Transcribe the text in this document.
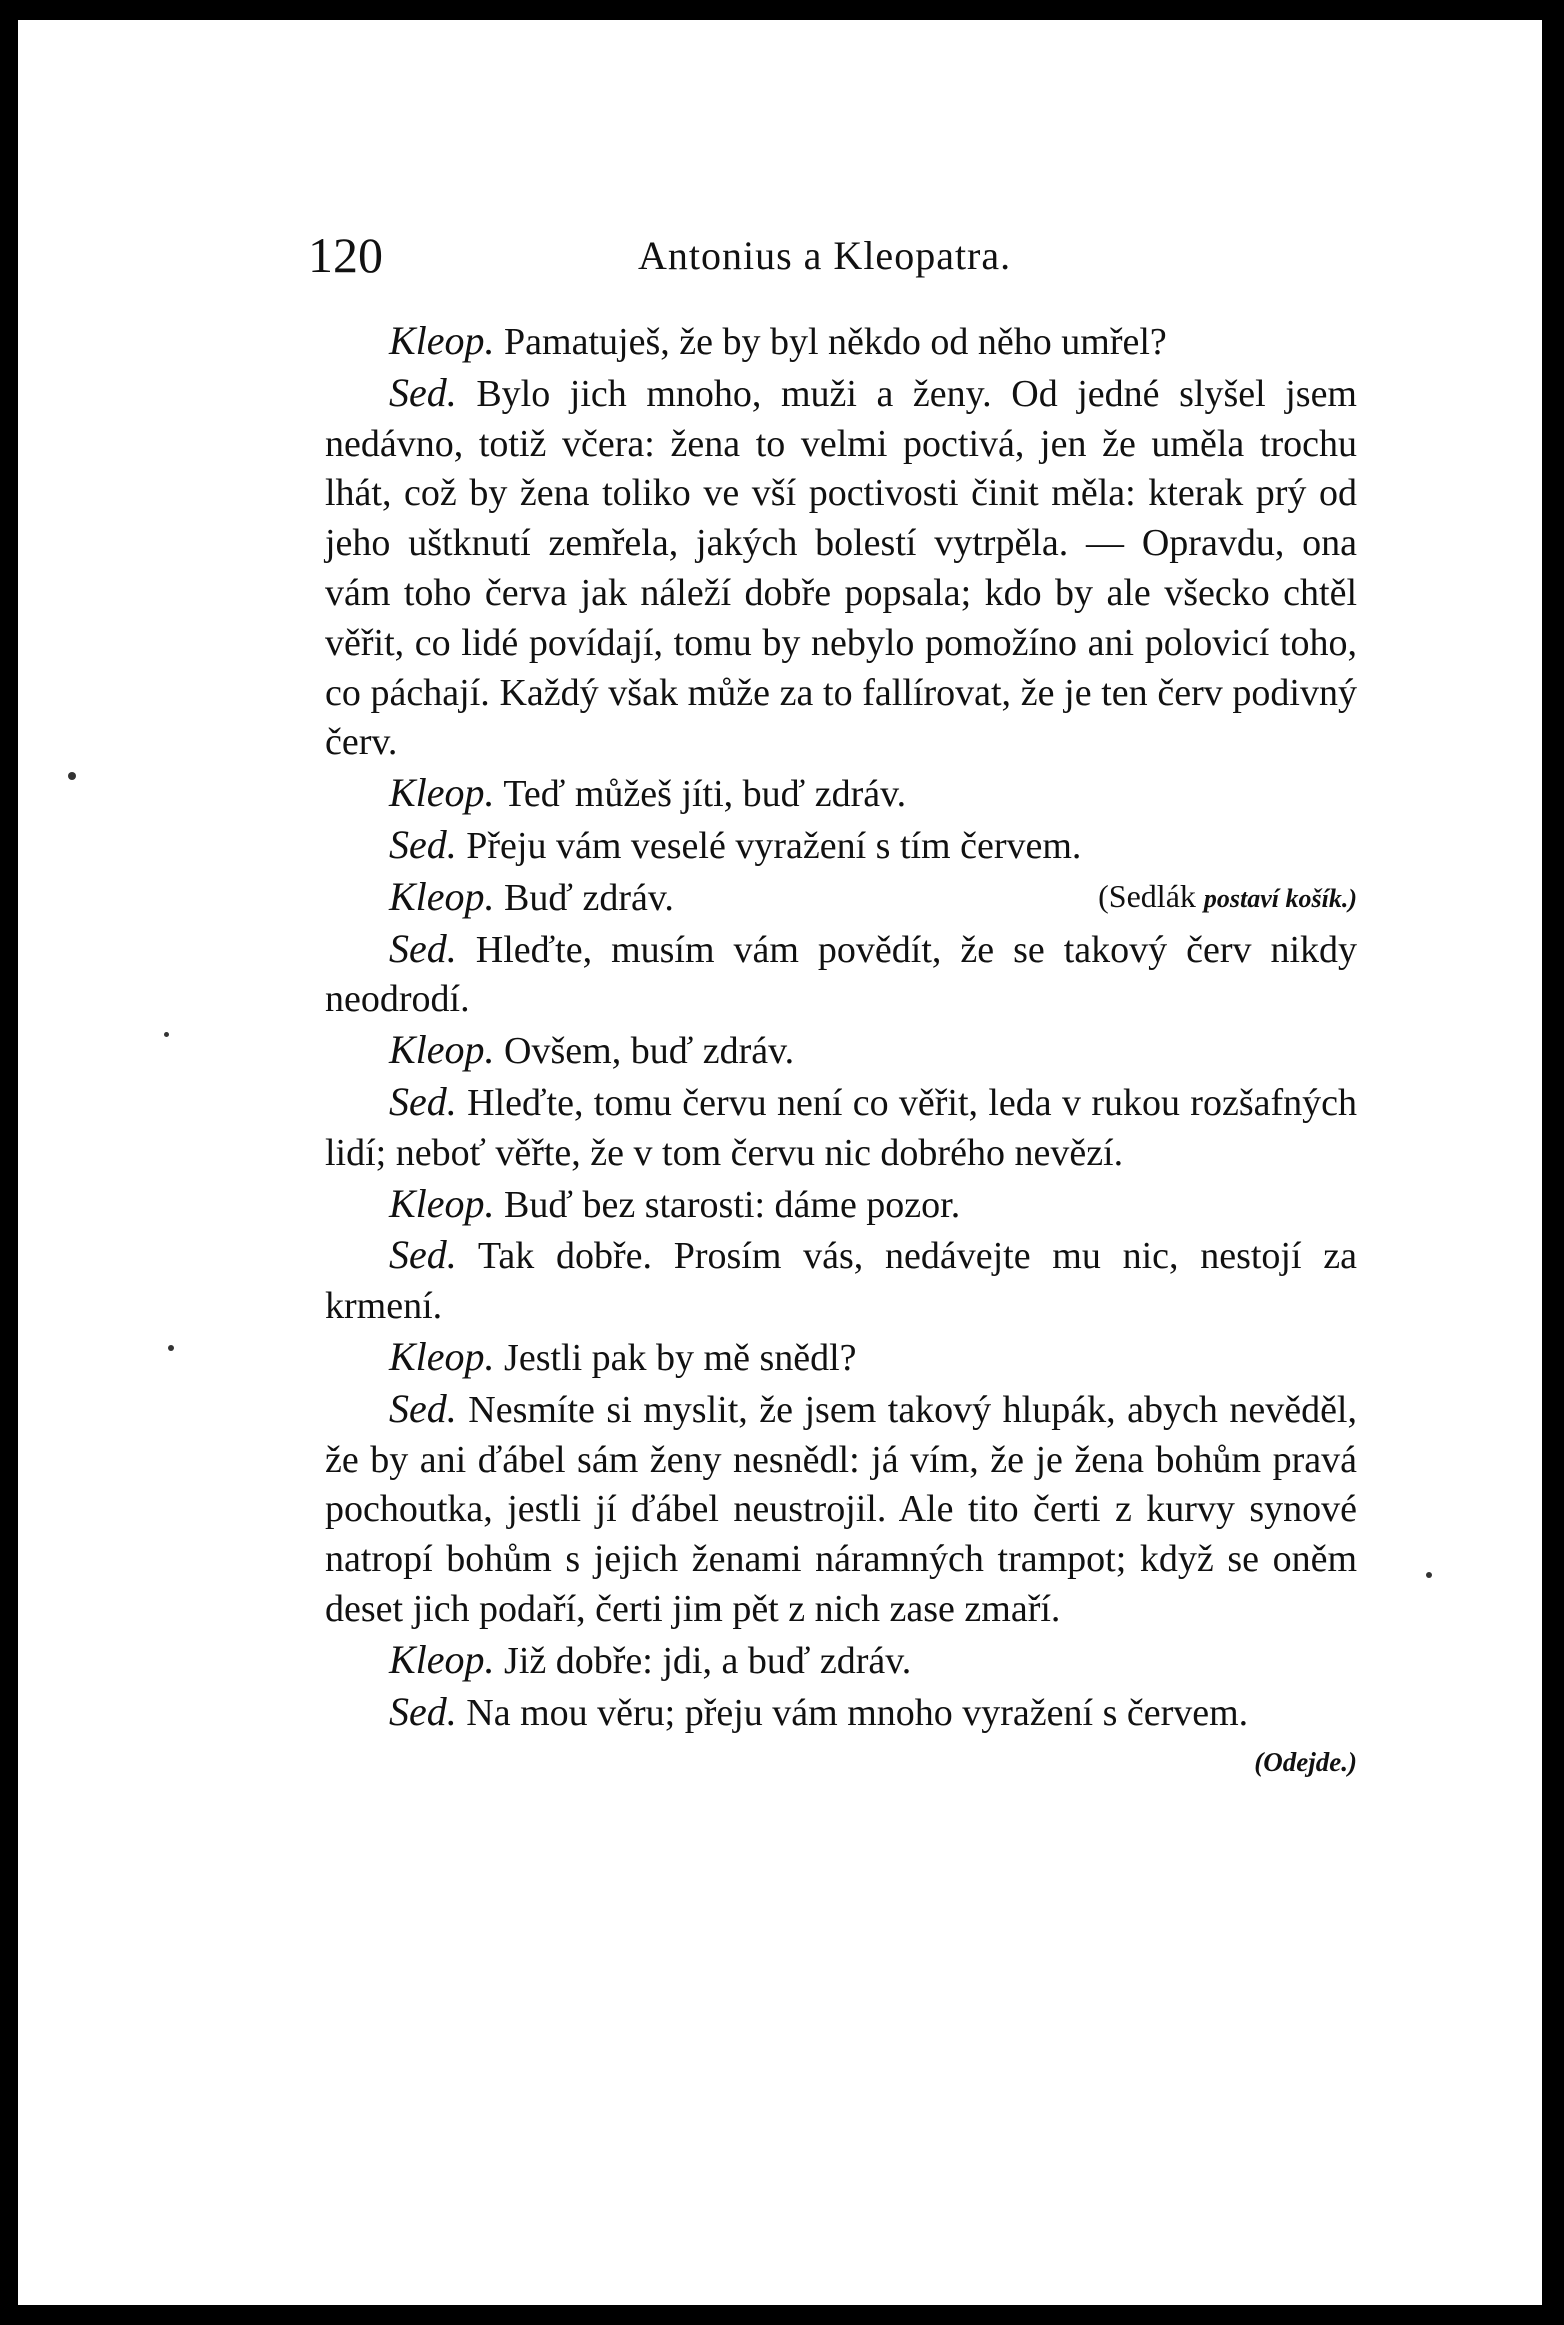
120	Antonius a Kleopatra.

Kleop. Pamatuješ, že by byl někdo od něho umřel?

Sed. Bylo jich mnoho, muži a ženy. Od jedné slyšel jsem nedávno, totiž včera: žena to velmi poctivá, jen že uměla trochu lhát, což by žena toliko ve vší poctivosti činit měla: kterak prý od jeho uštknutí zemřela, jakých bolestí vytrpěla. — Opravdu, ona vám toho červa jak náleží dobře popsala; kdo by ale všecko chtěl věřit, co lidé povídají, tomu by nebylo pomožíno ani polovicí toho, co páchají. Každý však může za to fallírovat, že je ten červ podivný červ.

Kleop. Teď můžeš jíti, buď zdráv.

Sed. Přeju vám veselé vyražení s tím červem.

Kleop. Buď zdráv.	(Sedlák postaví košík.)

Sed. Hleďte, musím vám povědít, že se takový červ nikdy neodrodí.

Kleop. Ovšem, buď zdráv.

Sed. Hleďte, tomu červu není co věřit, leda v rukou rozšafných lidí; neboť věřte, že v tom červu nic dobrého nevězí.

Kleop. Buď bez starosti: dáme pozor.

Sed. Tak dobře. Prosím vás, nedávejte mu nic, nestojí za krmení.

Kleop. Jestli pak by mě snědl?

Sed. Nesmíte si myslit, že jsem takový hlupák, abych nevěděl, že by ani ďábel sám ženy nesnědl: já vím, že je žena bohům pravá pochoutka, jestli jí ďábel neustrojil. Ale tito čerti z kurvy synové natropí bohům s jejich ženami náramných trampot; když se oněm deset jich podaří, čerti jim pět z nich zase zmaří.

Kleop. Již dobře: jdi, a buď zdráv.

Sed. Na mou věru; přeju vám mnoho vyražení s červem.
(Odejde.)
